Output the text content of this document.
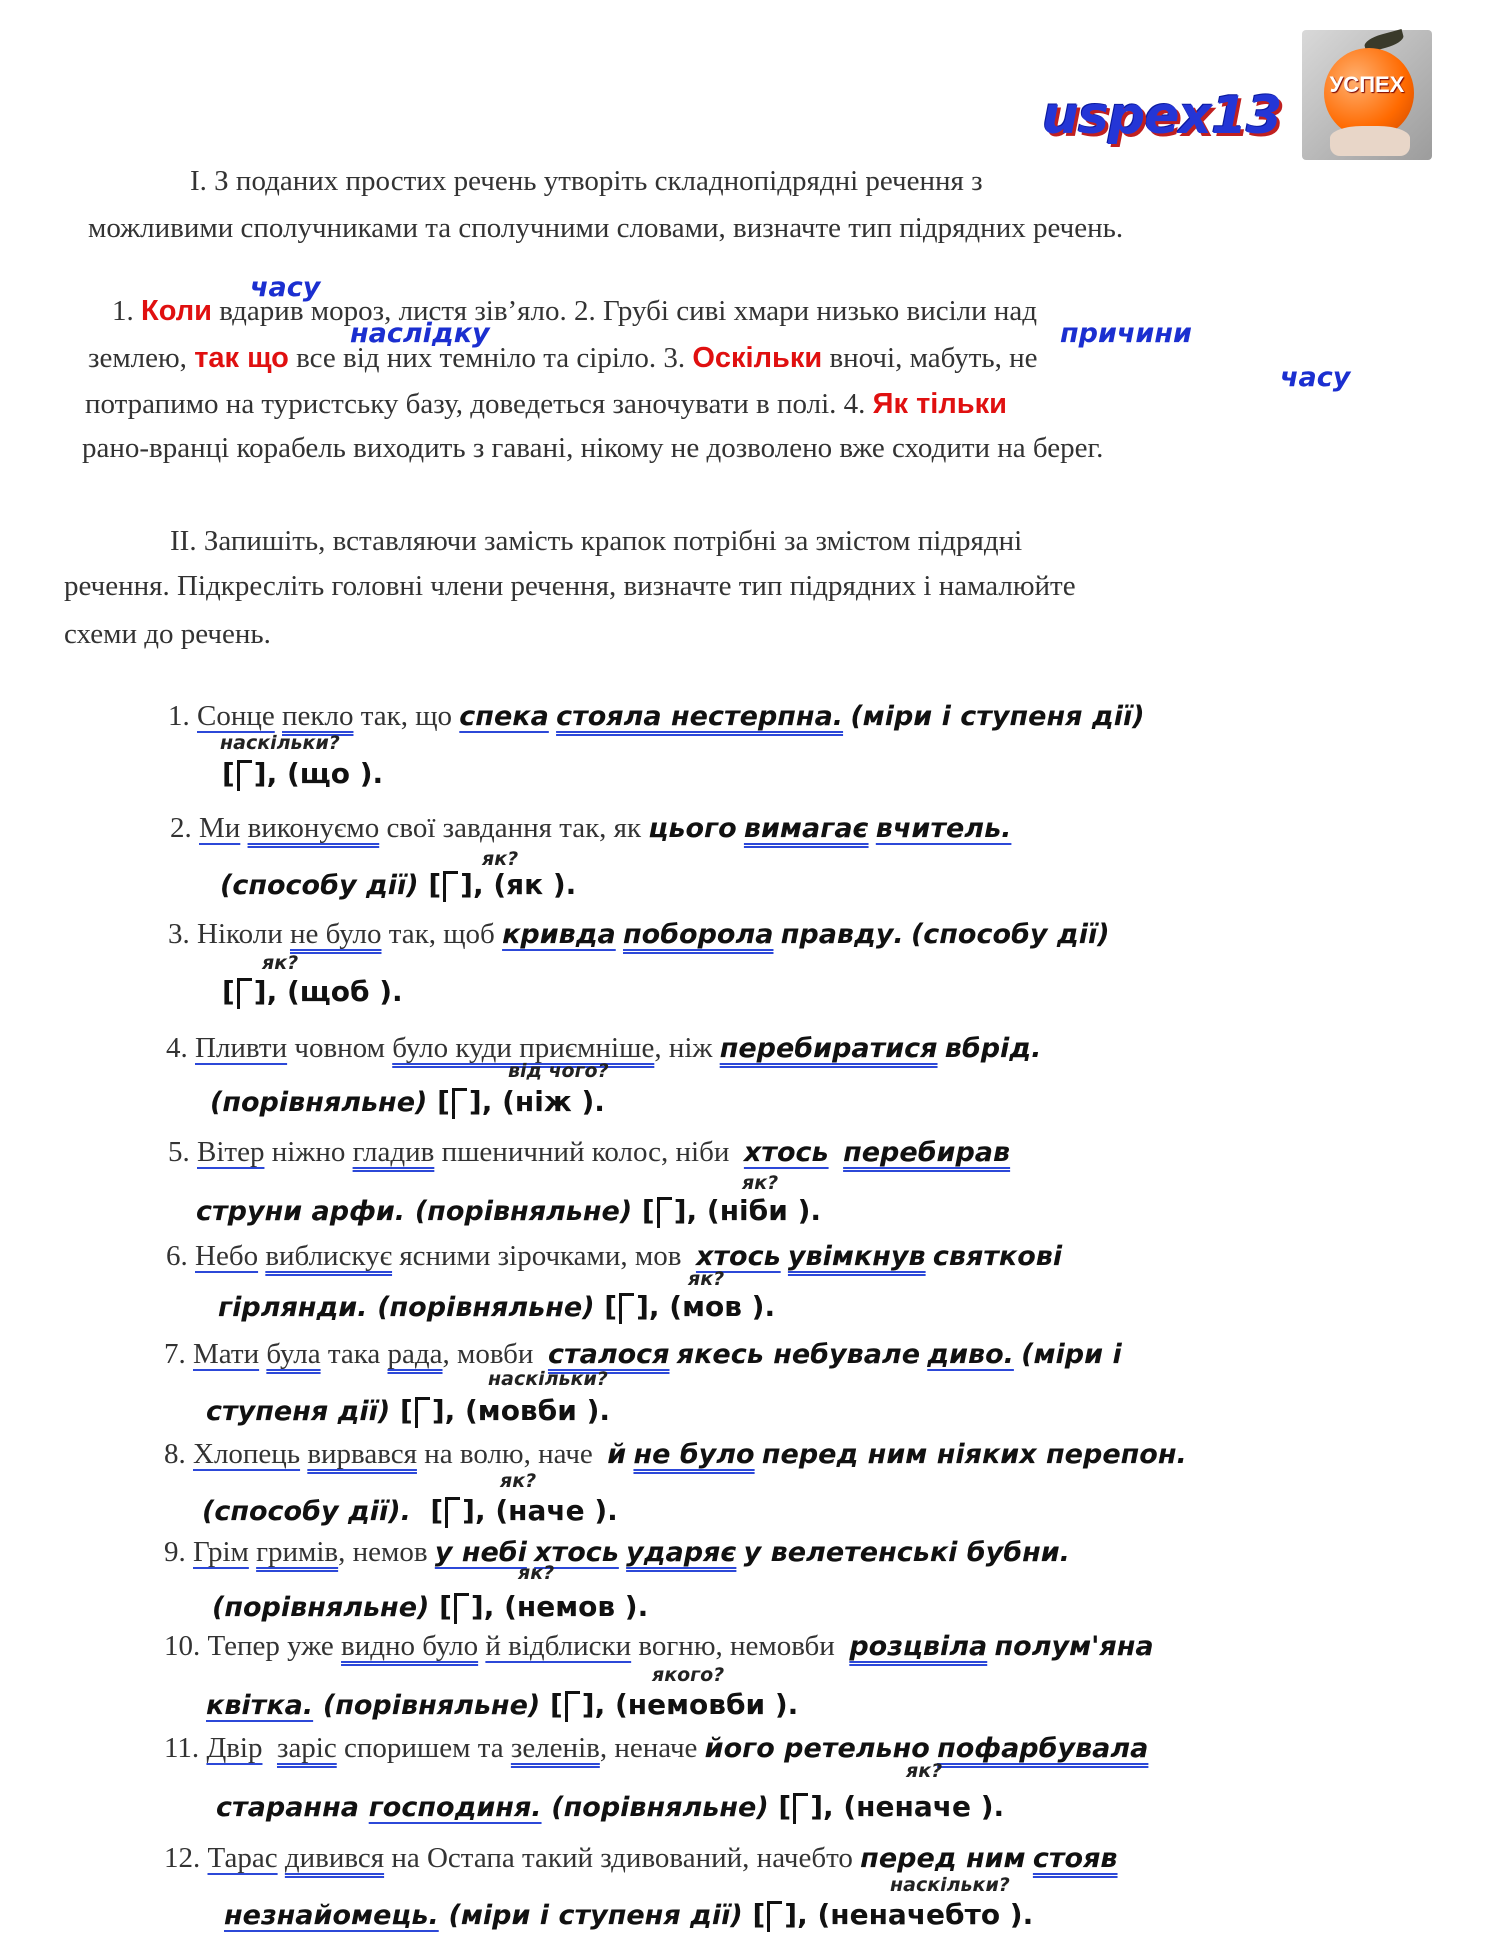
uspex13
УСПЕХ
I. З поданих простих речень утворіть складнопідрядні речення з
можливими сполучниками та сполучними словами, визначте тип підрядних речень.
часу
наслідку	причини
часу
1. Коли вдарив мороз, листя зів’яло. 2. Грубі сиві хмари низько висіли над
землею, так що все від них темніло та сіріло. 3. Оскільки вночі, мабуть, не
потрапимо на туристську базу, доведеться заночувати в полі. 4. Як тільки
рано-вранці корабель виходить з гавані, нікому не дозволено вже сходити на берег.
II. Запишіть, вставляючи замість крапок потрібні за змістом підрядні
речення. Підкресліть головні члени речення, визначте тип підрядних і намалюйте
схеми до речень.
1. Сонце пекло так, що спека стояла нестерпна. (міри і ступеня дії)
наскільки?
[ ], (що ).
2. Ми виконуємо свої завдання так, як цього вимагає вчитель.
як?
(способу дії) [ ], (як ).
3. Ніколи не було так, щоб кривда поборола правду. (способу дії)
як?
[ ], (щоб ).
4. Пливти човном було куди приємніше, ніж перебиратися вбрід.
від чого?
(порівняльне) [ ], (ніж ).
5. Вітер ніжно гладив пшеничний колос, ніби хтось перебирав
як?
струни арфи. (порівняльне) [ ], (ніби ).
6. Небо виблискує ясними зірочками, мов хтось увімкнув святкові
як?
гірлянди. (порівняльне) [ ], (мов ).
7. Мати була така рада, мовби сталося якесь небувале диво. (міри і
наскільки?
ступеня дії) [ ], (мовби ).
8. Хлопець вирвався на волю, наче й не було перед ним ніяких перепон.
як?
(способу дії).  [ ], (наче ).
9. Грім гримів, немов у небі хтось ударяє у велетенські бубни.
як?
(порівняльне) [ ], (немов ).
10. Тепер уже видно було й відблиски вогню, немовби розцвіла полум'яна
якого?
квітка. (порівняльне) [ ], (немовби ).
11. Двір заріс споришем та зеленів, неначе його ретельно пофарбувала
як?
старанна господиня. (порівняльне) [ ], (неначе ).
12. Тарас дивився на Остапа такий здивований, начебто перед ним стояв
наскільки?
незнайомець. (міри і ступеня дії) [ ], (неначебто ).
